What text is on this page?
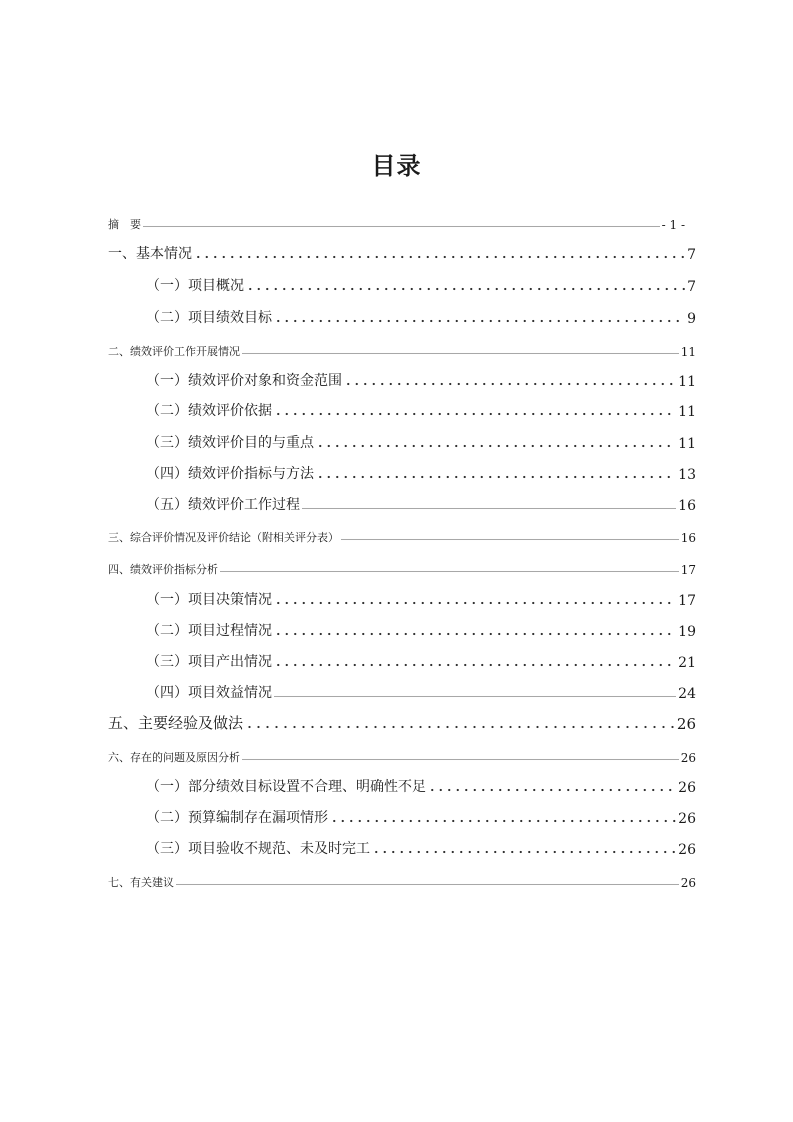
目录
摘　要	- 1 -
一、基本情况	7
（一）项目概况	7
（二）项目绩效目标	9
二、绩效评价工作开展情况	11
（一）绩效评价对象和资金范围	11
（二）绩效评价依据	11
（三）绩效评价目的与重点	11
（四）绩效评价指标与方法	13
（五）绩效评价工作过程	16
三、综合评价情况及评价结论（附相关评分表）	16
四、绩效评价指标分析	17
（一）项目决策情况	17
（二）项目过程情况	19
（三）项目产出情况	21
（四）项目效益情况	24
五、主要经验及做法	26
六、存在的问题及原因分析	26
（一）部分绩效目标设置不合理、明确性不足	26
（二）预算编制存在漏项情形	26
（三）项目验收不规范、未及时完工	26
七、有关建议	26
